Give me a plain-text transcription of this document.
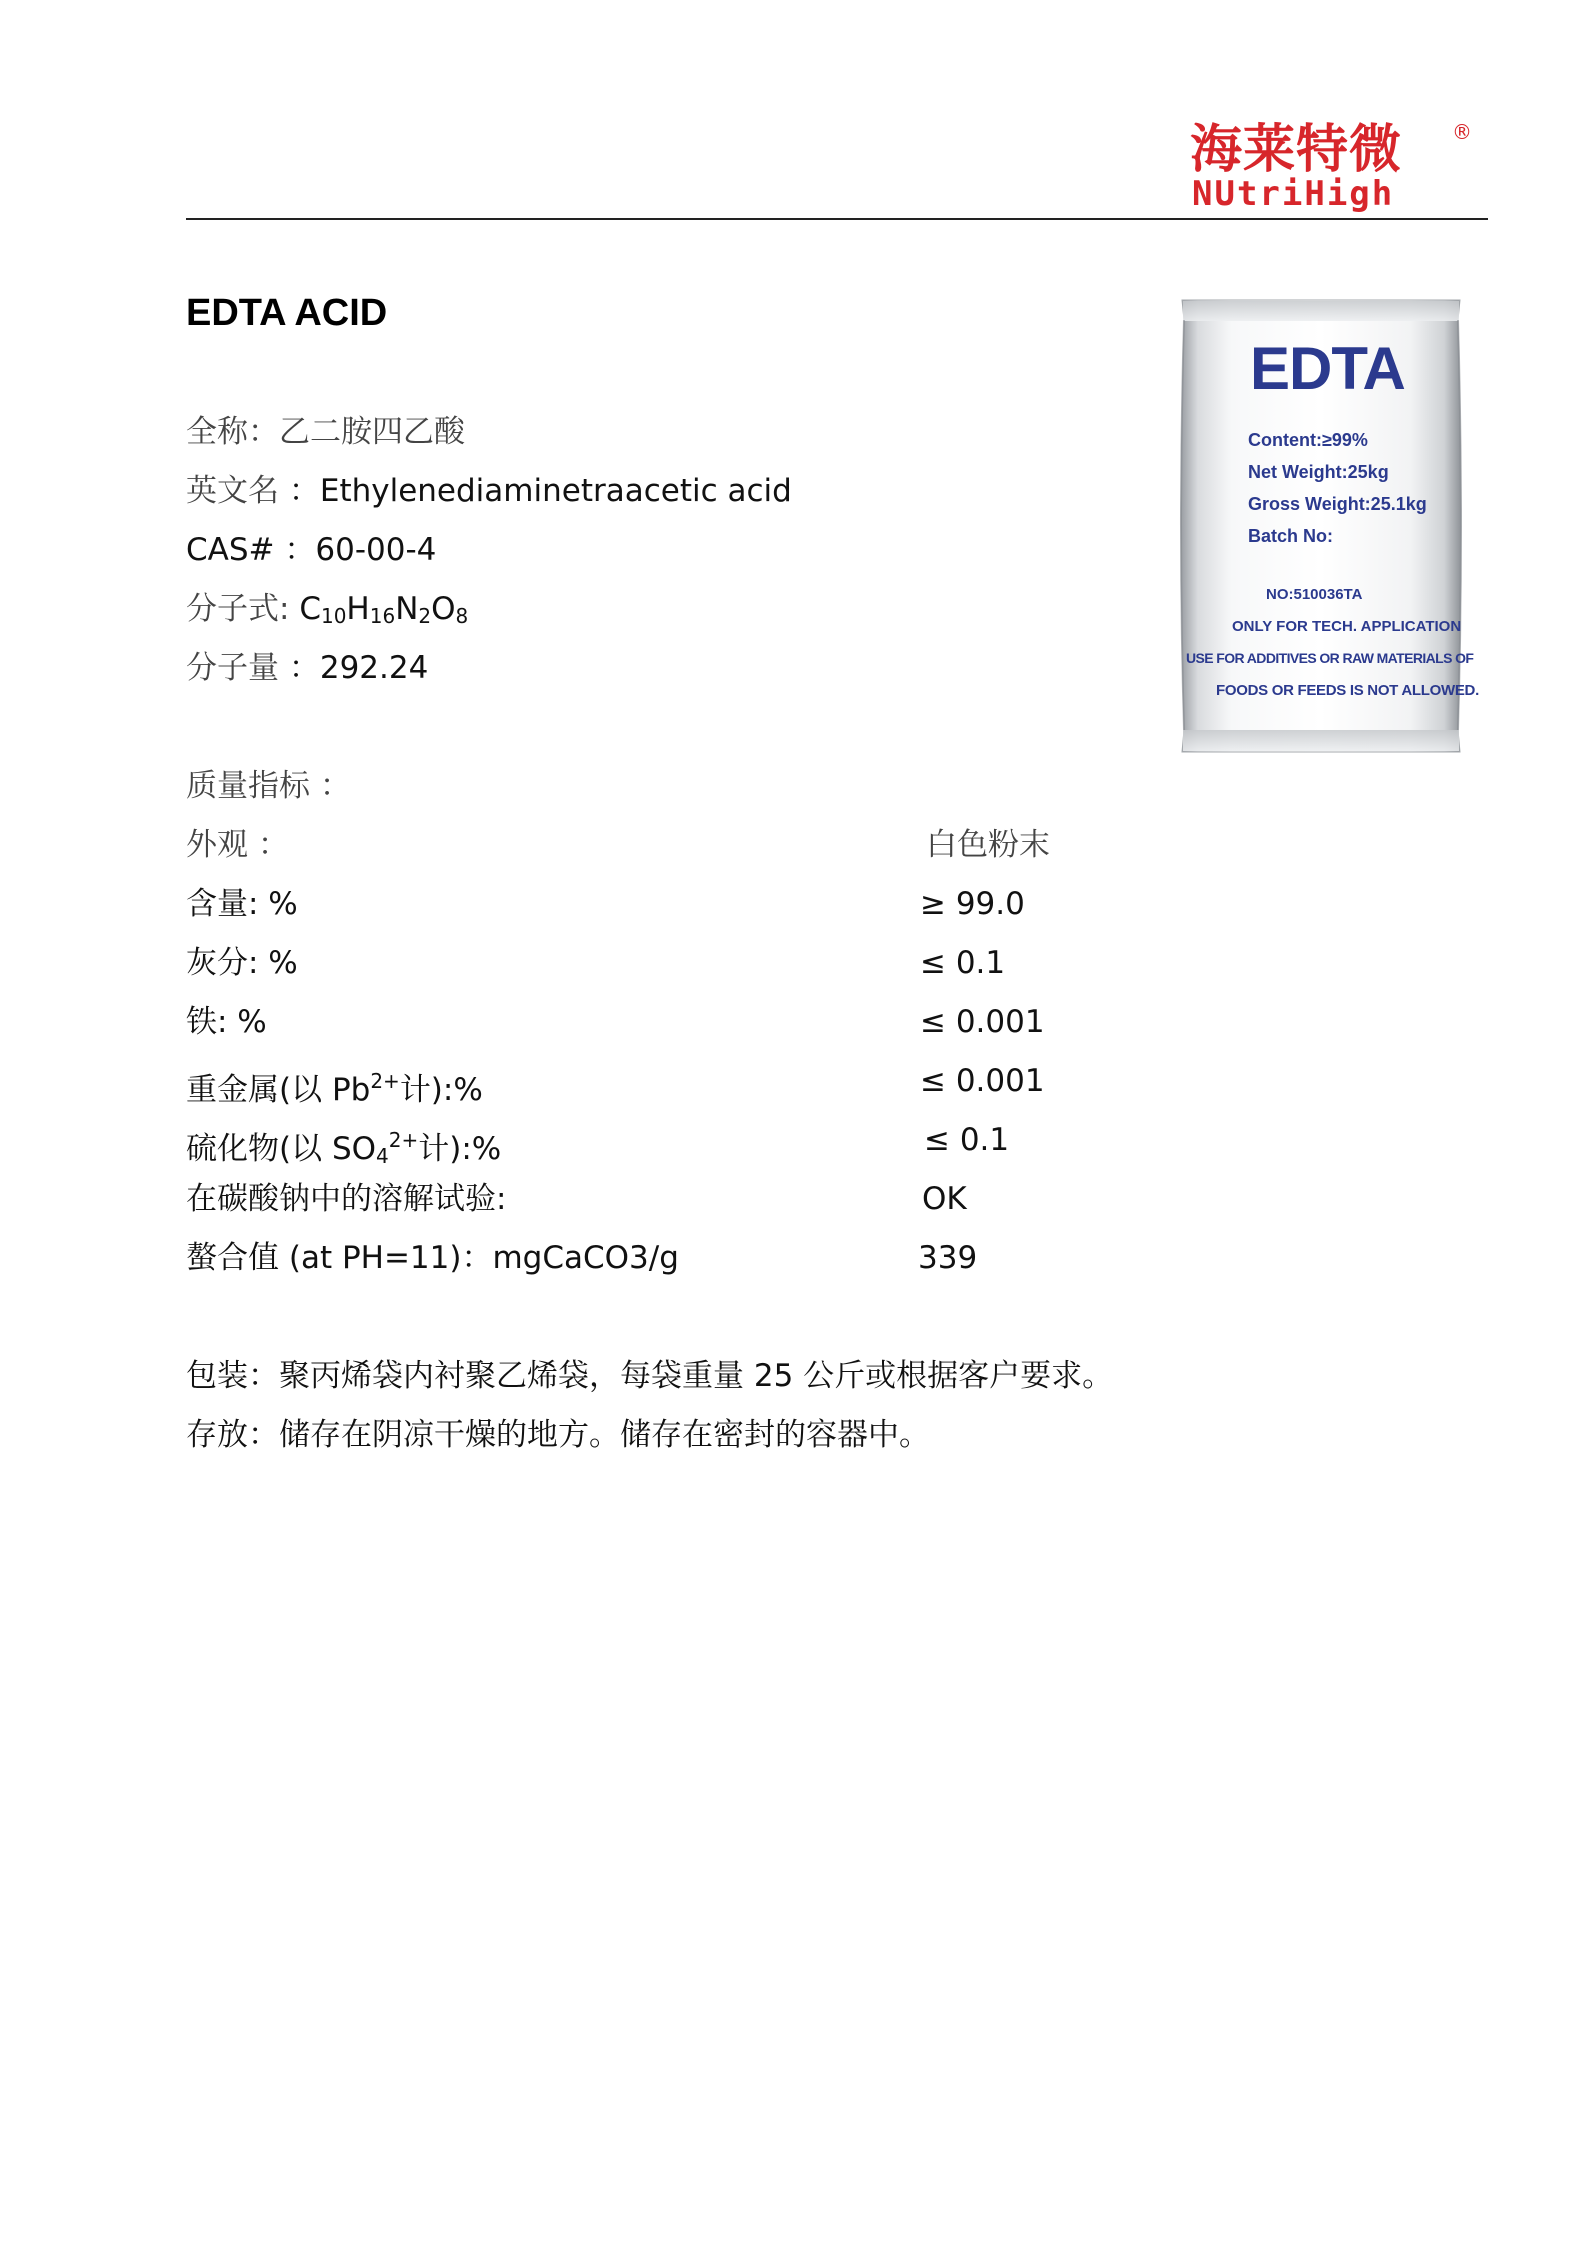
海莱特微 ®
NUtriHigh
EDTA ACID
全称：乙二胺四乙酸
英文名 ：Ethylenediaminetraacetic acid
CAS# ：60-00-4
分子式: $C_{10}H_{16}N_2O_8$
分子量 ：292.24
质量指标 ：
外观 ：	白色粉末
含量: %	≥ 99.0
灰分: %	≤ 0.1
铁: %	≤ 0.001
重金属(以 $Pb^{2+}$计):%	≤ 0.001
硫化物(以 $SO_4^{2+}$计):%	≤ 0.1
在碳酸钠中的溶解试验:	OK
螯合值 (at PH=11)：mgCaCO3/g	339
包装：聚丙烯袋内衬聚乙烯袋，每袋重量 25 公斤或根据客户要求。
存放：储存在阴凉干燥的地方。储存在密封的容器中。
EDTA
Content:≥99%
Net Weight:25kg
Gross Weight:25.1kg
Batch No:
NO:510036TA
ONLY FOR TECH. APPLICATION
USE FOR ADDITIVES OR RAW MATERIALS OF
FOODS OR FEEDS IS NOT ALLOWED.
